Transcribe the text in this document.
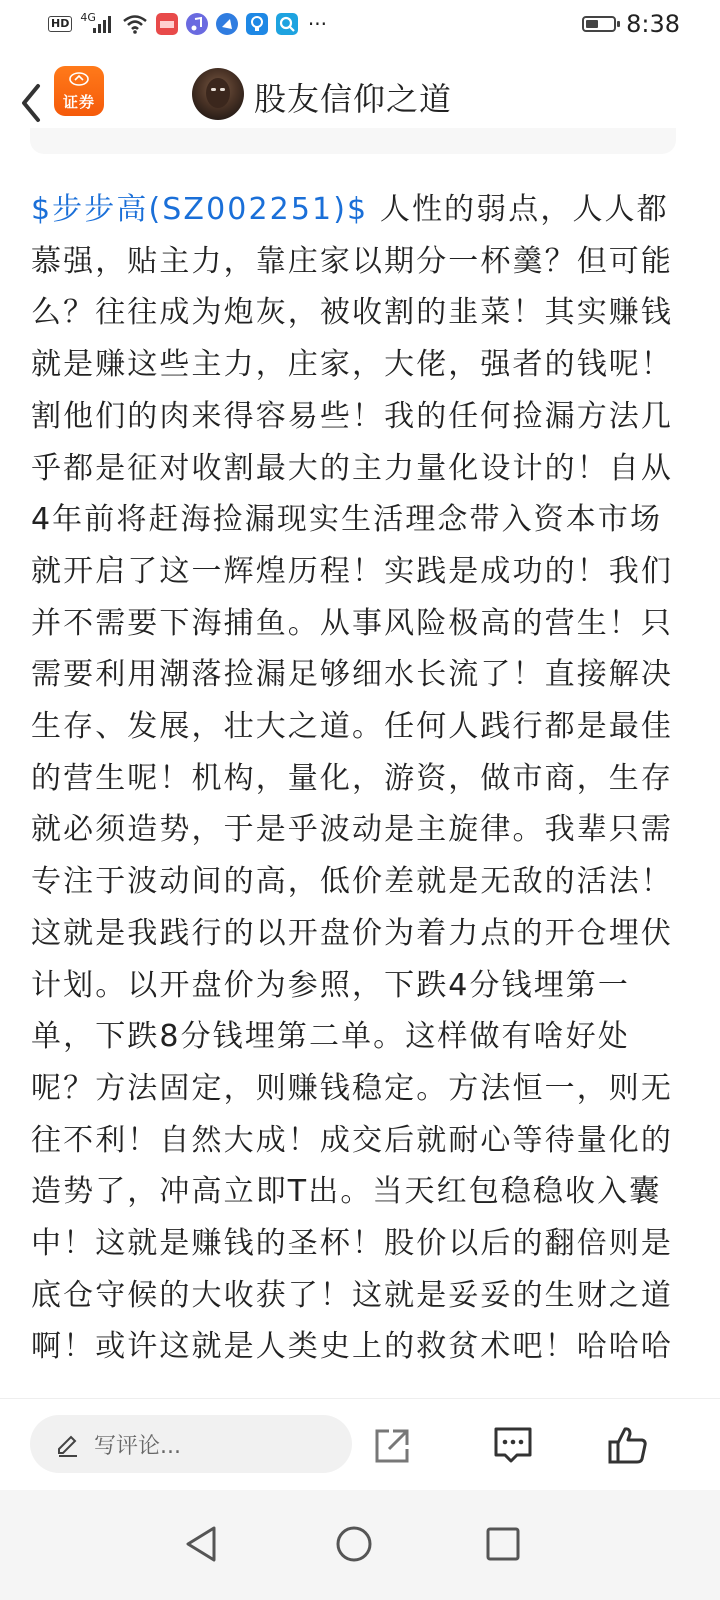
HD 4G	···	8:38
证券	股友信仰之道
$步步高(SZ002251)$ 人性的弱点，人人都慕强，贴主力，靠庄家以期分一杯羹？但可能么？往往成为炮灰，被收割的韭菜！其实赚钱就是赚这些主力，庄家，大佬，强者的钱呢！割他们的肉来得容易些！我的任何捡漏方法几乎都是征对收割最大的主力量化设计的！自从4年前将赶海捡漏现实生活理念带入资本市场就开启了这一辉煌历程！实践是成功的！我们并不需要下海捕鱼。从事风险极高的营生！只需要利用潮落捡漏足够细水长流了！直接解决生存、发展，壮大之道。任何人践行都是最佳的营生呢！机构，量化，游资，做市商，生存就必须造势，于是乎波动是主旋律。我辈只需专注于波动间的高，低价差就是无敌的活法！这就是我践行的以开盘价为着力点的开仓埋伏计划。以开盘价为参照，下跌4分钱埋第一单，下跌8分钱埋第二单。这样做有啥好处呢？方法固定，则赚钱稳定。方法恒一，则无往不利！自然大成！成交后就耐心等待量化的造势了，冲高立即T出。当天红包稳稳收入囊中！这就是赚钱的圣杯！股价以后的翻倍则是底仓守候的大收获了！这就是妥妥的生财之道啊！或许这就是人类史上的救贫术吧！哈哈哈
写评论...
